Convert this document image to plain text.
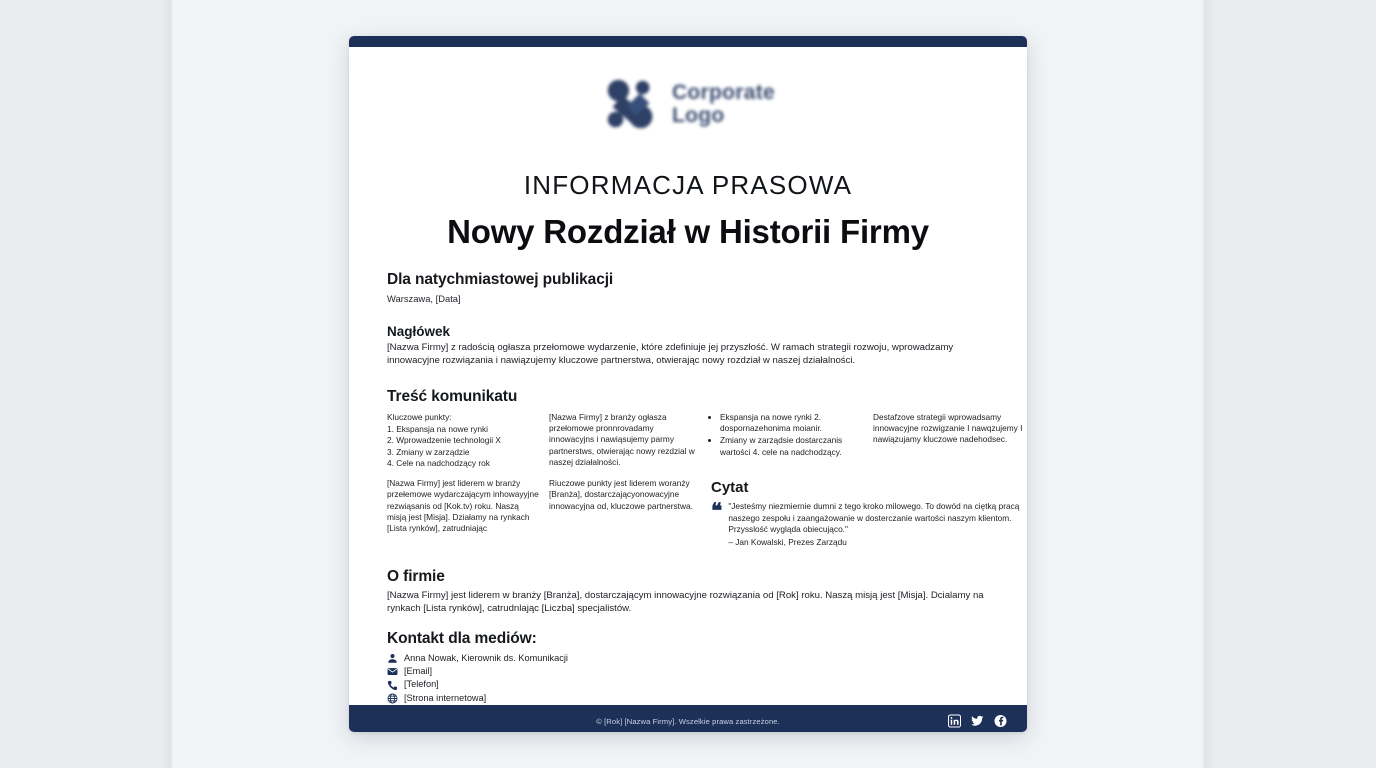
Corporate
Logo
INFORMACJA PRASOWA
Nowy Rozdział w Historii Firmy
Dla natychmiastowej publikacji

Warszawa, [Data]

Nagłówek

[Nazwa Firmy] z radością ogłasza przełomowe wydarzenie, które zdefiniuje jej przyszłość. W ramach strategii rozwoju, wprowadzamy innowacyjne rozwiązania i nawiązujemy kluczowe partnerstwa, otwierając nowy rozdział w naszej działalności.

Treść komunikatu
Kluczowe punkty:
1. Ekspansja na nowe rynki
2. Wprowadzenie technologii X
3. Zmiany w zarządzie
4. Cele na nadchodzący rok

[Nazwa Firmy] z branży ogłasza przełomowe pronnrovadamy innowacyjns i nawiąsujemy parmy partnerstws, otwierając nowy rezdzial w naszej działalności.

• Ekspansja na nowe rynki 2. dospornazehonima moianir.
• Zmiany w zarządsie dostarczanis wartości 4. cele na nadchodzący.

Destafzove strategii wprowadsamy innowacyjne rozwigzanie I nawqzujemy I nawiązujamy kluczowe nadehodsec.

[Nazwa Firmy] jest liderem w branży przełemowe wydarczającym inhowayyjne rezwiąsanis od [Kok.tv) roku. Naszą misją jest [Misja]. Działamy na rynkach [Lista rynków], zatrudniając

Riuczowe punkty jest liderem woranży [Branża], dostarczającyonowacyjne innowacyjna od, kluczowe partnerstwa.

Cytat
❝ "Jesteśmy niezmiernie dumni z tego kroko milowego. To dowód na ciętką pracą naszego zespołu i zaangażowanie w dosterczanie wartości naszym klientom. Przysslość wygląda obiecująco."
– Jan Kowalski, Prezes Zarządu
O firmie

[Nazwa Firmy] jest liderem w branży [Branża], dostarczającym innowacyjne rozwiązania od [Rok] roku. Naszą misją jest [Misja]. Dcialamy na rynkach [Lista rynków], catrudnlając [Liczba] specjalistów.

Kontakt dla mediów:
Anna Nowak, Kierownik ds. Komunikacji
[Email]
[Telefon]
[Strona internetowa]
© [Rok] [Nazwa Firmy]. Wszelkie prawa zastrzeżone.
